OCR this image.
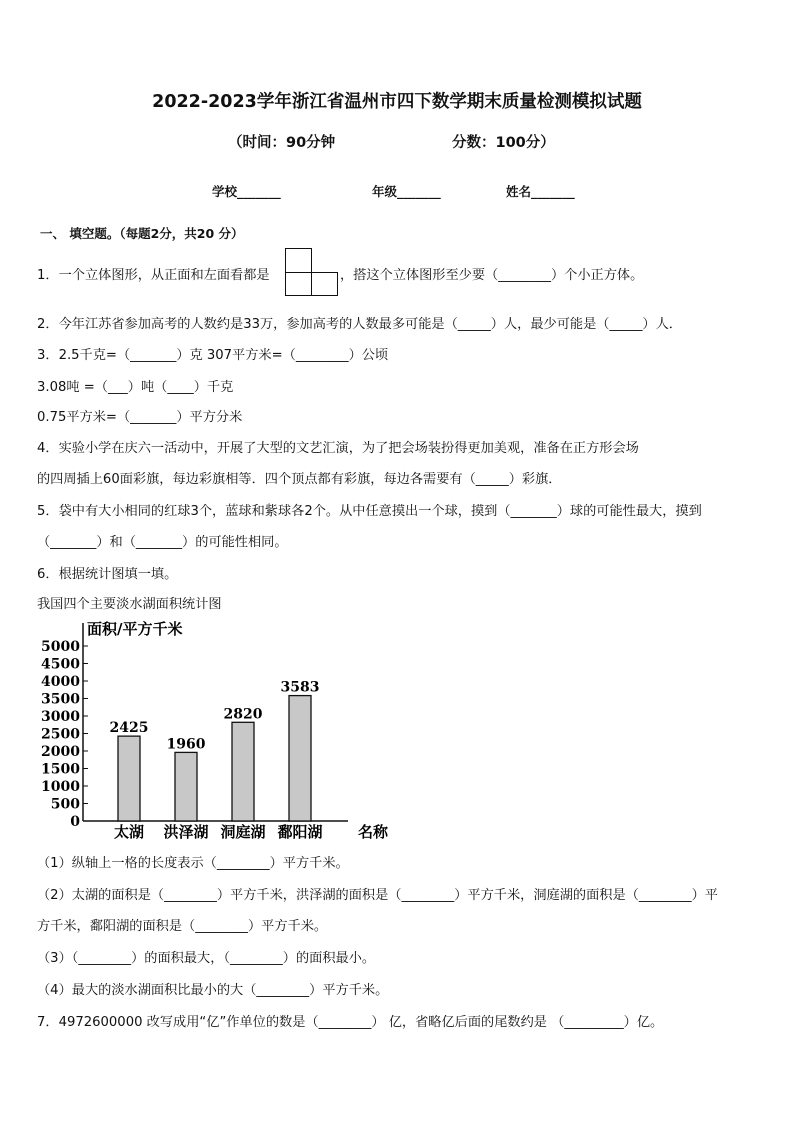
2022-2023学年浙江省温州市四下数学期末质量检测模拟试题
（时间：90分钟	分数：100分）
学校_______	年级_______	姓名_______
一、 填空题。（每题2分，共20 分）
1．一个立体图形，从正面和左面看都是	，搭这个立体图形至少要（________）个小正方体。
2．今年江苏省参加高考的人数约是33万，参加高考的人数最多可能是（_____）人，最少可能是（_____）人．
3．2.5千克=（_______）克 307平方米=（________）公顷
3.08吨 =（___）吨（____）千克
0.75平方米=（_______）平方分米
4．实验小学在庆六一活动中，开展了大型的文艺汇演，为了把会场装扮得更加美观，准备在正方形会场
的四周插上60面彩旗，每边彩旗相等．四个顶点都有彩旗，每边各需要有（_____）彩旗．
5．袋中有大小相同的红球3个，蓝球和紫球各2个。从中任意摸出一个球，摸到（_______）球的可能性最大，摸到
（_______）和（_______）的可能性相同。
6．根据统计图填一填。
我国四个主要淡水湖面积统计图
0
500
1000
1500
2000
2500
3000
3500
4000
4500
5000
2425
太湖
1960
洪泽湖
2820
洞庭湖
3583
鄱阳湖
面积/平方千米
名称
（1）纵轴上一格的长度表示（________）平方千米。
（2）太湖的面积是（________）平方千米，洪泽湖的面积是（________）平方千米，洞庭湖的面积是（________）平
方千米，鄱阳湖的面积是（________）平方千米。
（3）（________）的面积最大，（________）的面积最小。
（4）最大的淡水湖面积比最小的大（________）平方千米。
7．4972600000 改写成用“亿”作单位的数是（________） 亿，省略亿后面的尾数约是 （_________）亿。
